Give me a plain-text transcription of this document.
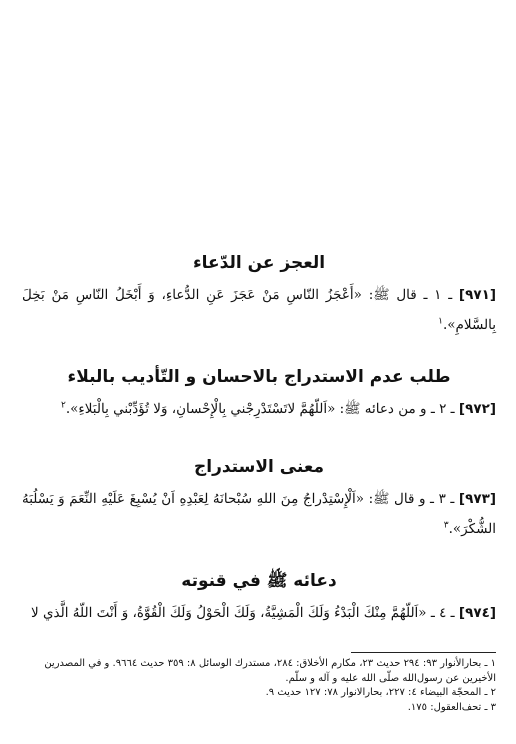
العجز عن الدّعاء

[٩٧١] ـ ١ ـ قال ﷺ: «أَعْجَزُ النّاسِ مَنْ عَجَزَ عَنِ الدُّعاءِ، وَ أَبْخَلُ النّاسِ مَنْ بَخِلَ بِالسَّلامِ».$^١$

طلب عدم الاستدراج بالاحسان و التّأديب بالبلاء

[٩٧٢] ـ ٢ ـ و من دعائه ﷺ: «اَللّهُمَّ لاتَسْتَدْرِجْني بِالْإِحْسانِ، وَلا تُؤَدِّبْني بِالْبَلاءِ».$^٢$

معنى الاستدراج

[٩٧٣] ـ ٣ ـ و قال ﷺ: «اَلْإِسْتِدْراجُ مِنَ اللهِ سُبْحانَهُ لِعَبْدِهِ اَنْ يُسْبِغَ عَلَيْهِ النِّعَمَ وَ يَسْلُبَهُ الشُّكْرَ».$^٣$

دعائه ﷺ في قنوته

[٩٧٤] ـ ٤ ـ «اَللّهُمَّ مِنْكَ الْبَدْءُ وَلَكَ الْمَشِيَّةُ، وَلَكَ الْحَوْلُ وَلَكَ الْقُوَّةُ، وَ أَنْتَ اللّهُ الَّذي لا

١ ـ بحارالأنوار ٩٣: ٢٩٤ حديث ٢٣، مكارم الأخلاق: ٢٨٤، مستدرك الوسائل ٨: ٣٥٩ حديث ٩٦٦٤. و في المصدرين الأخيرين عن رسول‌الله صلّى الله عليه و آله و سلّم.
٢ ـ المحجّة البيضاء ٤: ٢٢٧، بحارالانوار ٧٨: ١٢٧ حديث ٩.
٣ ـ تحف‌العقول: ١٧٥.
